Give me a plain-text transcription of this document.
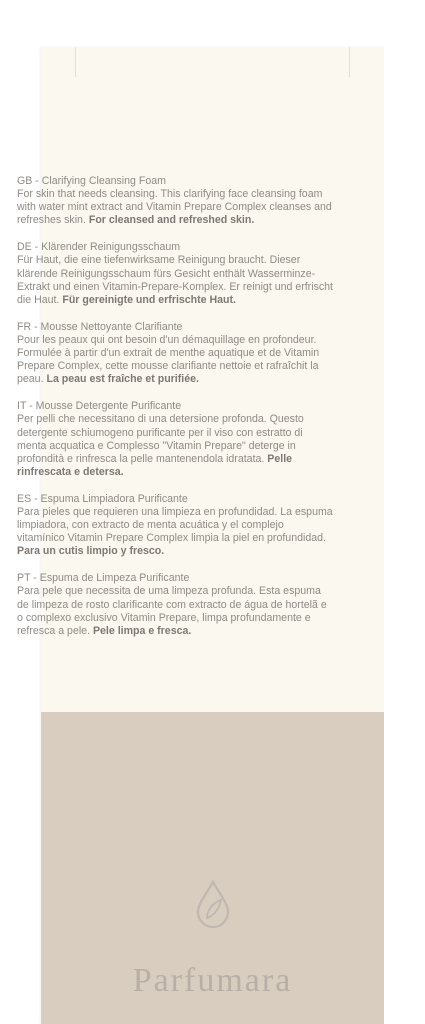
GB - Clarifying Cleansing Foam
For skin that needs cleansing. This clarifying face cleansing foam with water mint extract and Vitamin Prepare Complex cleanses and refreshes skin. For cleansed and refreshed skin.
DE - Klärender Reinigungsschaum
Für Haut, die eine tiefenwirksame Reinigung braucht. Dieser klärende Reinigungsschaum fürs Gesicht enthält Wasserminze-Extrakt und einen Vitamin-Prepare-Komplex. Er reinigt und erfrischt die Haut. Für gereinigte und erfrischte Haut.
FR - Mousse Nettoyante Clarifiante
Pour les peaux qui ont besoin d'un démaquillage en profondeur. Formulée à partir d'un extrait de menthe aquatique et de Vitamin Prepare Complex, cette mousse clarifiante nettoie et rafraîchit la peau. La peau est fraîche et purifiée.
IT - Mousse Detergente Purificante
Per pelli che necessitano di una detersione profonda. Questo detergente schiumogeno purificante per il viso con estratto di menta acquatica e Complesso "Vitamin Prepare" deterge in profondità e rinfresca la pelle mantenendola idratata. Pelle rinfrescata e detersa.
ES - Espuma Limpiadora Purificante
Para pieles que requieren una limpieza en profundidad. La espuma limpiadora, con extracto de menta acuática y el complejo vitamínico Vitamin Prepare Complex limpia la piel en profundidad. Para un cutis limpio y fresco.
PT - Espuma de Limpeza Purificante
Para pele que necessita de uma limpeza profunda. Esta espuma de limpeza de rosto clarificante com extracto de água de hortelã e o complexo exclusivo Vitamin Prepare, limpa profundamente e refresca a pele. Pele limpa e fresca.
Parfumara
